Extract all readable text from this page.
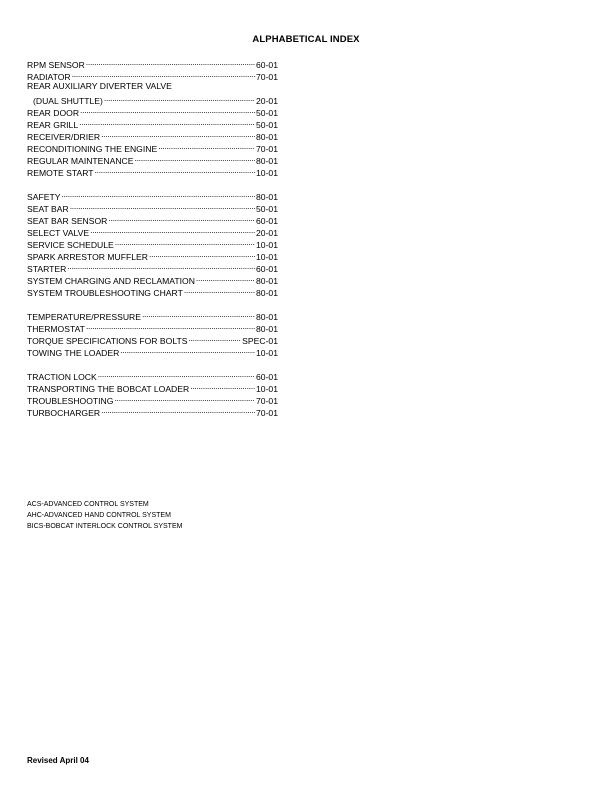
ALPHABETICAL INDEX
RPM SENSOR .....	60-01
RADIATOR .....	70-01
REAR AUXILIARY DIVERTER VALVE
(DUAL SHUTTLE) .....	20-01
REAR DOOR .....	50-01
REAR GRILL .....	50-01
RECEIVER/DRIER .....	80-01
RECONDITIONING THE ENGINE .....	70-01
REGULAR MAINTENANCE .....	80-01
REMOTE START .....	10-01
SAFETY .....	80-01
SEAT BAR .....	50-01
SEAT BAR SENSOR .....	60-01
SELECT VALVE .....	20-01
SERVICE SCHEDULE .....	10-01
SPARK ARRESTOR MUFFLER .....	10-01
STARTER .....	60-01
SYSTEM CHARGING AND RECLAMATION .....	80-01
SYSTEM TROUBLESHOOTING CHART .....	80-01
TEMPERATURE/PRESSURE .....	80-01
THERMOSTAT .....	80-01
TORQUE SPECIFICATIONS FOR BOLTS .....	SPEC-01
TOWING THE LOADER .....	10-01
TRACTION LOCK .....	60-01
TRANSPORTING THE BOBCAT LOADER .....	10-01
TROUBLESHOOTING .....	70-01
TURBOCHARGER .....	70-01
ACS-ADVANCED CONTROL SYSTEM
AHC-ADVANCED HAND CONTROL SYSTEM
BICS-BOBCAT INTERLOCK CONTROL SYSTEM
Revised April 04
